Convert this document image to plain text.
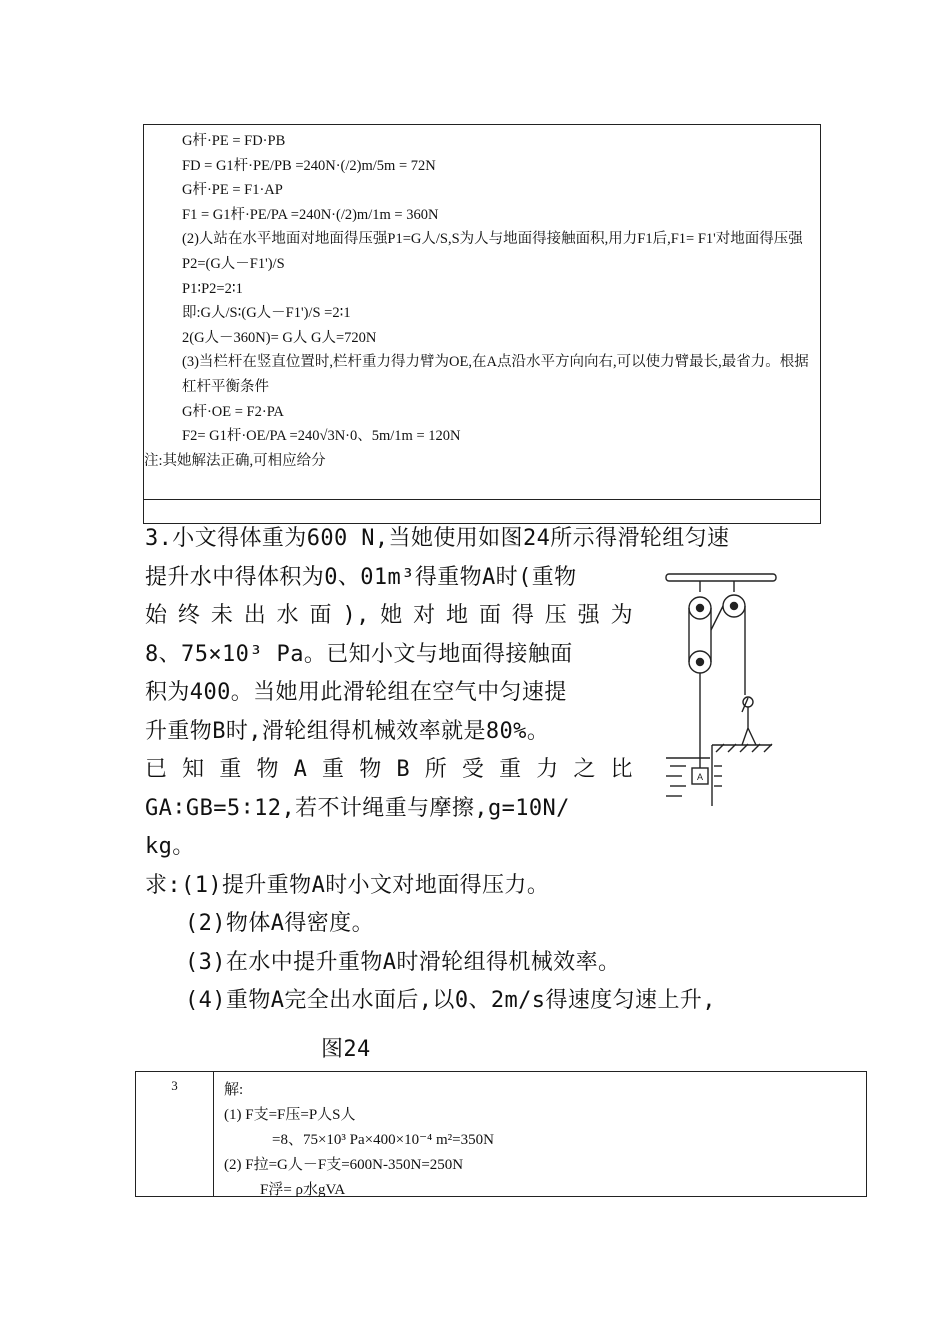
G杆·PE = FD·PB
FD = G1杆·PE/PB =240N·(/2)m/5m = 72N
G杆·PE = F1·AP
F1 = G1杆·PE/PA =240N·(/2)m/1m = 360N
(2)人站在水平地面对地面得压强P1=G人/S,S为人与地面得接触面积,用力F1后,F1= F1'对地面得压强P2=(G人－F1')/S
P1∶P2=2∶1
即:G人/S∶(G人－F1')/S =2∶1
2(G人－360N)= G人 G人=720N
(3)当栏杆在竖直位置时,栏杆重力得力臂为OE,在A点沿水平方向向右,可以使力臂最长,最省力。根据杠杆平衡条件
G杆·OE = F2·PA
F2= G1杆·OE/PA =240√3N·0、5m/1m = 120N
注:其她解法正确,可相应给分
3.小文得体重为600 N,当她使用如图24所示得滑轮组匀速
提升水中得体积为0、01m³得重物A时(重物
始 终 未 出 水 面 ), 她 对 地 面 得 压 强 为
8、75×10³ Pa。已知小文与地面得接触面
积为400。当她用此滑轮组在空气中匀速提
升重物B时,滑轮组得机械效率就是80%。
已 知 重 物 A 重 物 B 所 受 重 力 之 比
GA∶GB=5∶12,若不计绳重与摩擦,g=10N/
kg。
求:(1)提升重物A时小文对地面得压力。
(2)物体A得密度。
(3)在水中提升重物A时滑轮组得机械效率。
(4)重物A完全出水面后,以0、2m/s得速度匀速上升,
图24
A
3	解:
(1) F支=F压=P人S人
=8、75×10³ Pa×400×10⁻⁴ m²=350N
(2) F拉=G人－F支=600N-350N=250N
F浮= ρ水gVA
